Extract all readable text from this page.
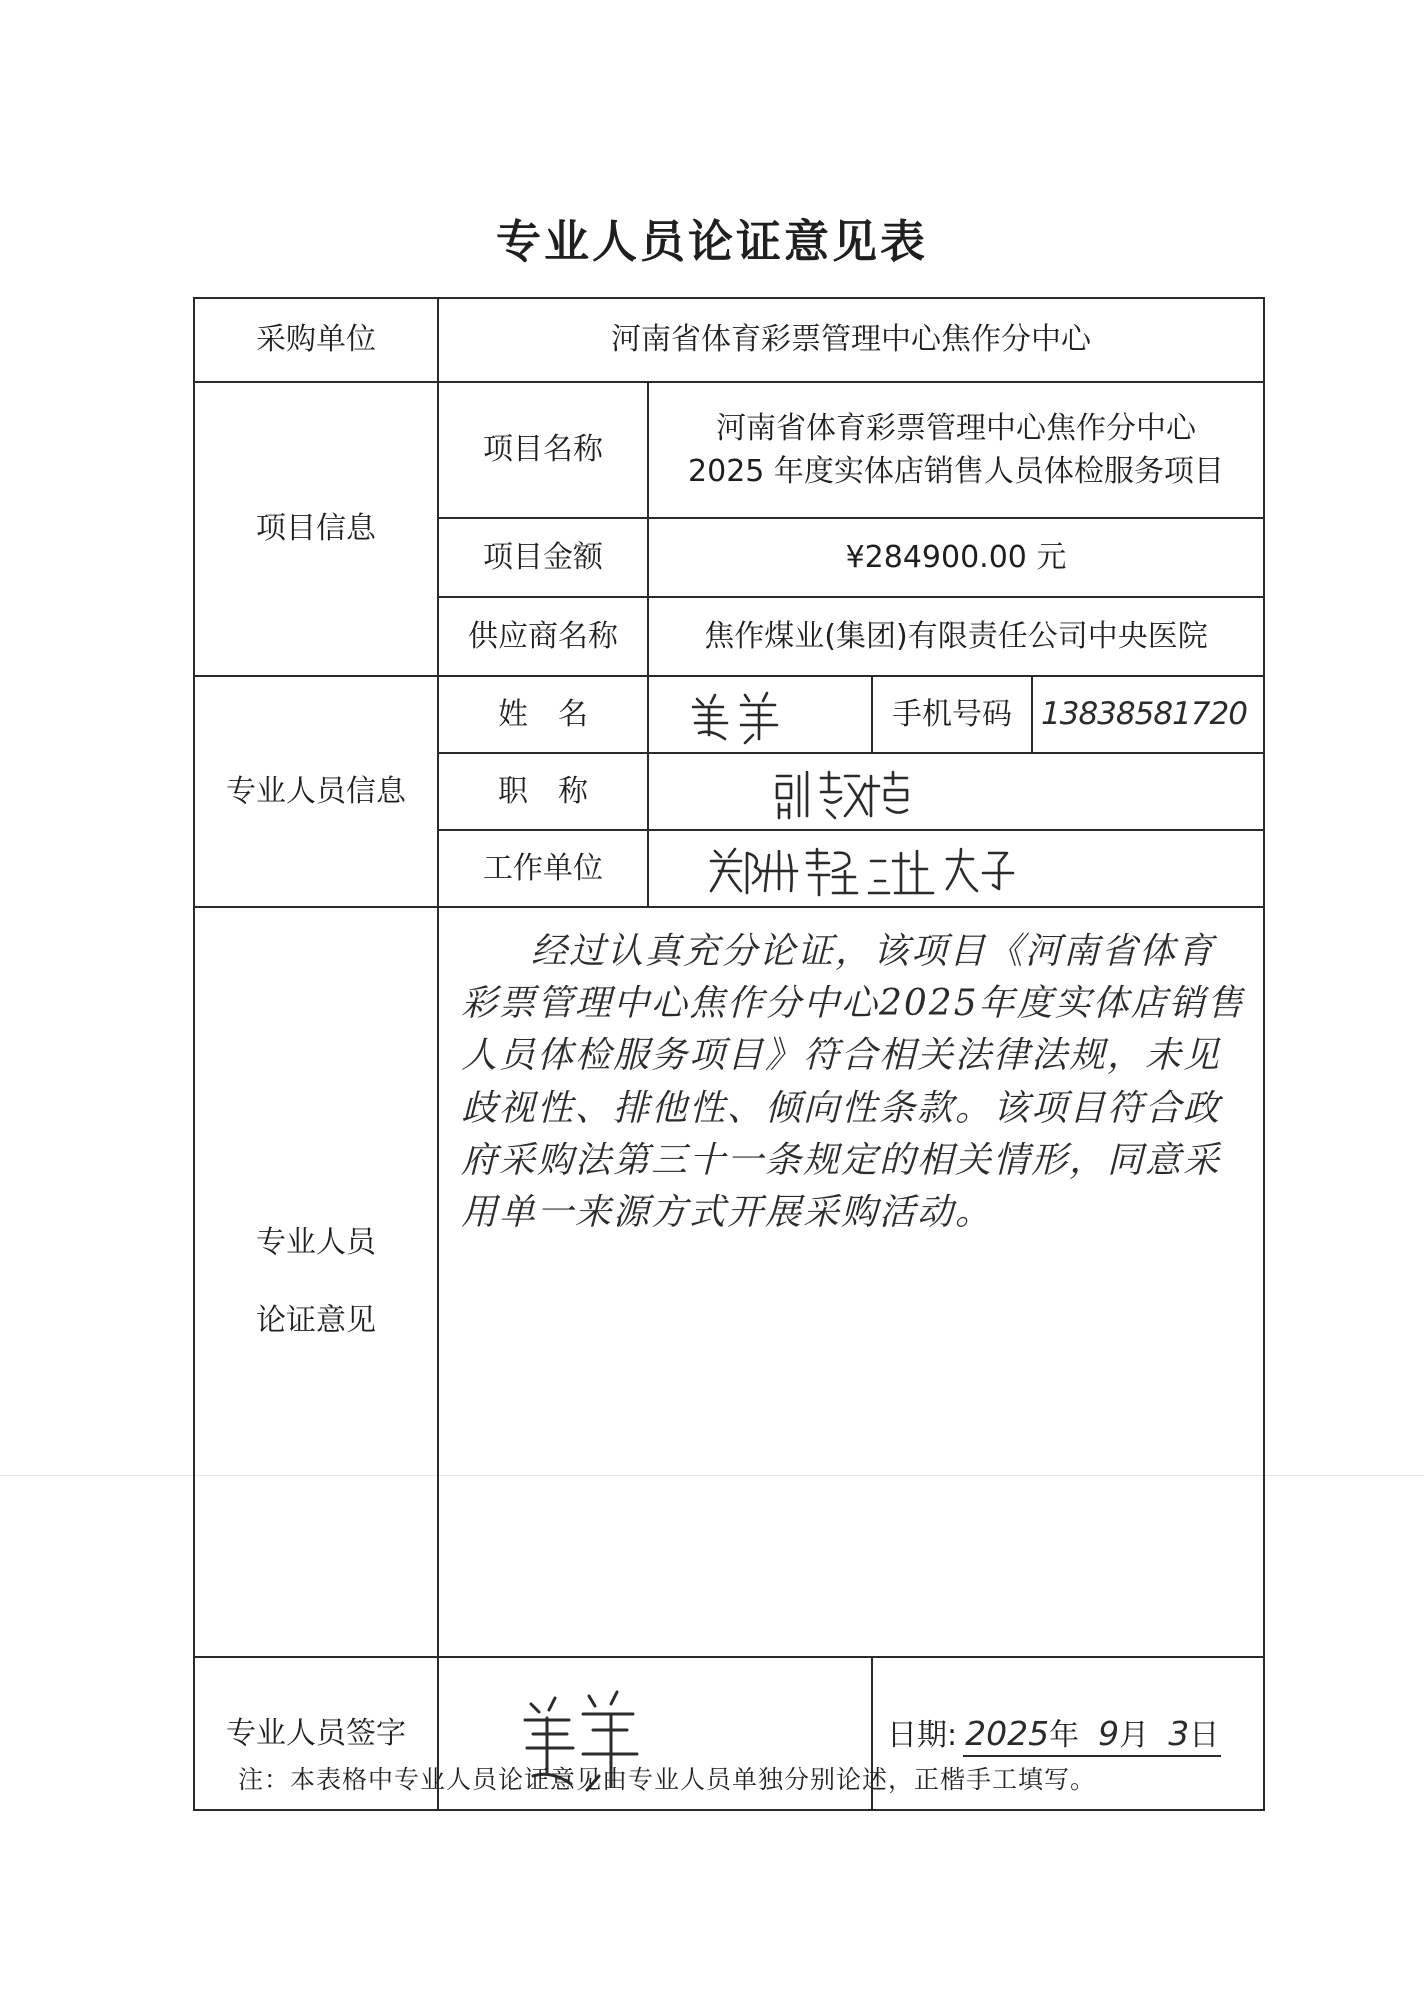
专业人员论证意见表
采购单位	河南省体育彩票管理中心焦作分中心			
项目信息	项目名称	河南省体育彩票管理中心焦作分中心
2025 年度实体店销售人员体检服务项目		

	项目金额	¥284900.00 元		
	供应商名称	焦作煤业(集团)有限责任公司中央医院		
专业人员信息	姓　名		手机号码	13838581720
	职　称	

	工作单位	

专业人员
论证意见	经过认真充分论证，该项目《河南省体育彩票管理中心焦作分中心2025年度实体店销售人员体检服务项目》符合相关法律法规，未见歧视性、排他性、倾向性条款。该项目符合政府采购法第三十一条规定的相关情形，同意采用单一来源方式开展采购活动。			
专业人员签字			日期: 2025年 9月 3日	
注：本表格中专业人员论证意见由专业人员单独分别论述，正楷手工填写。
